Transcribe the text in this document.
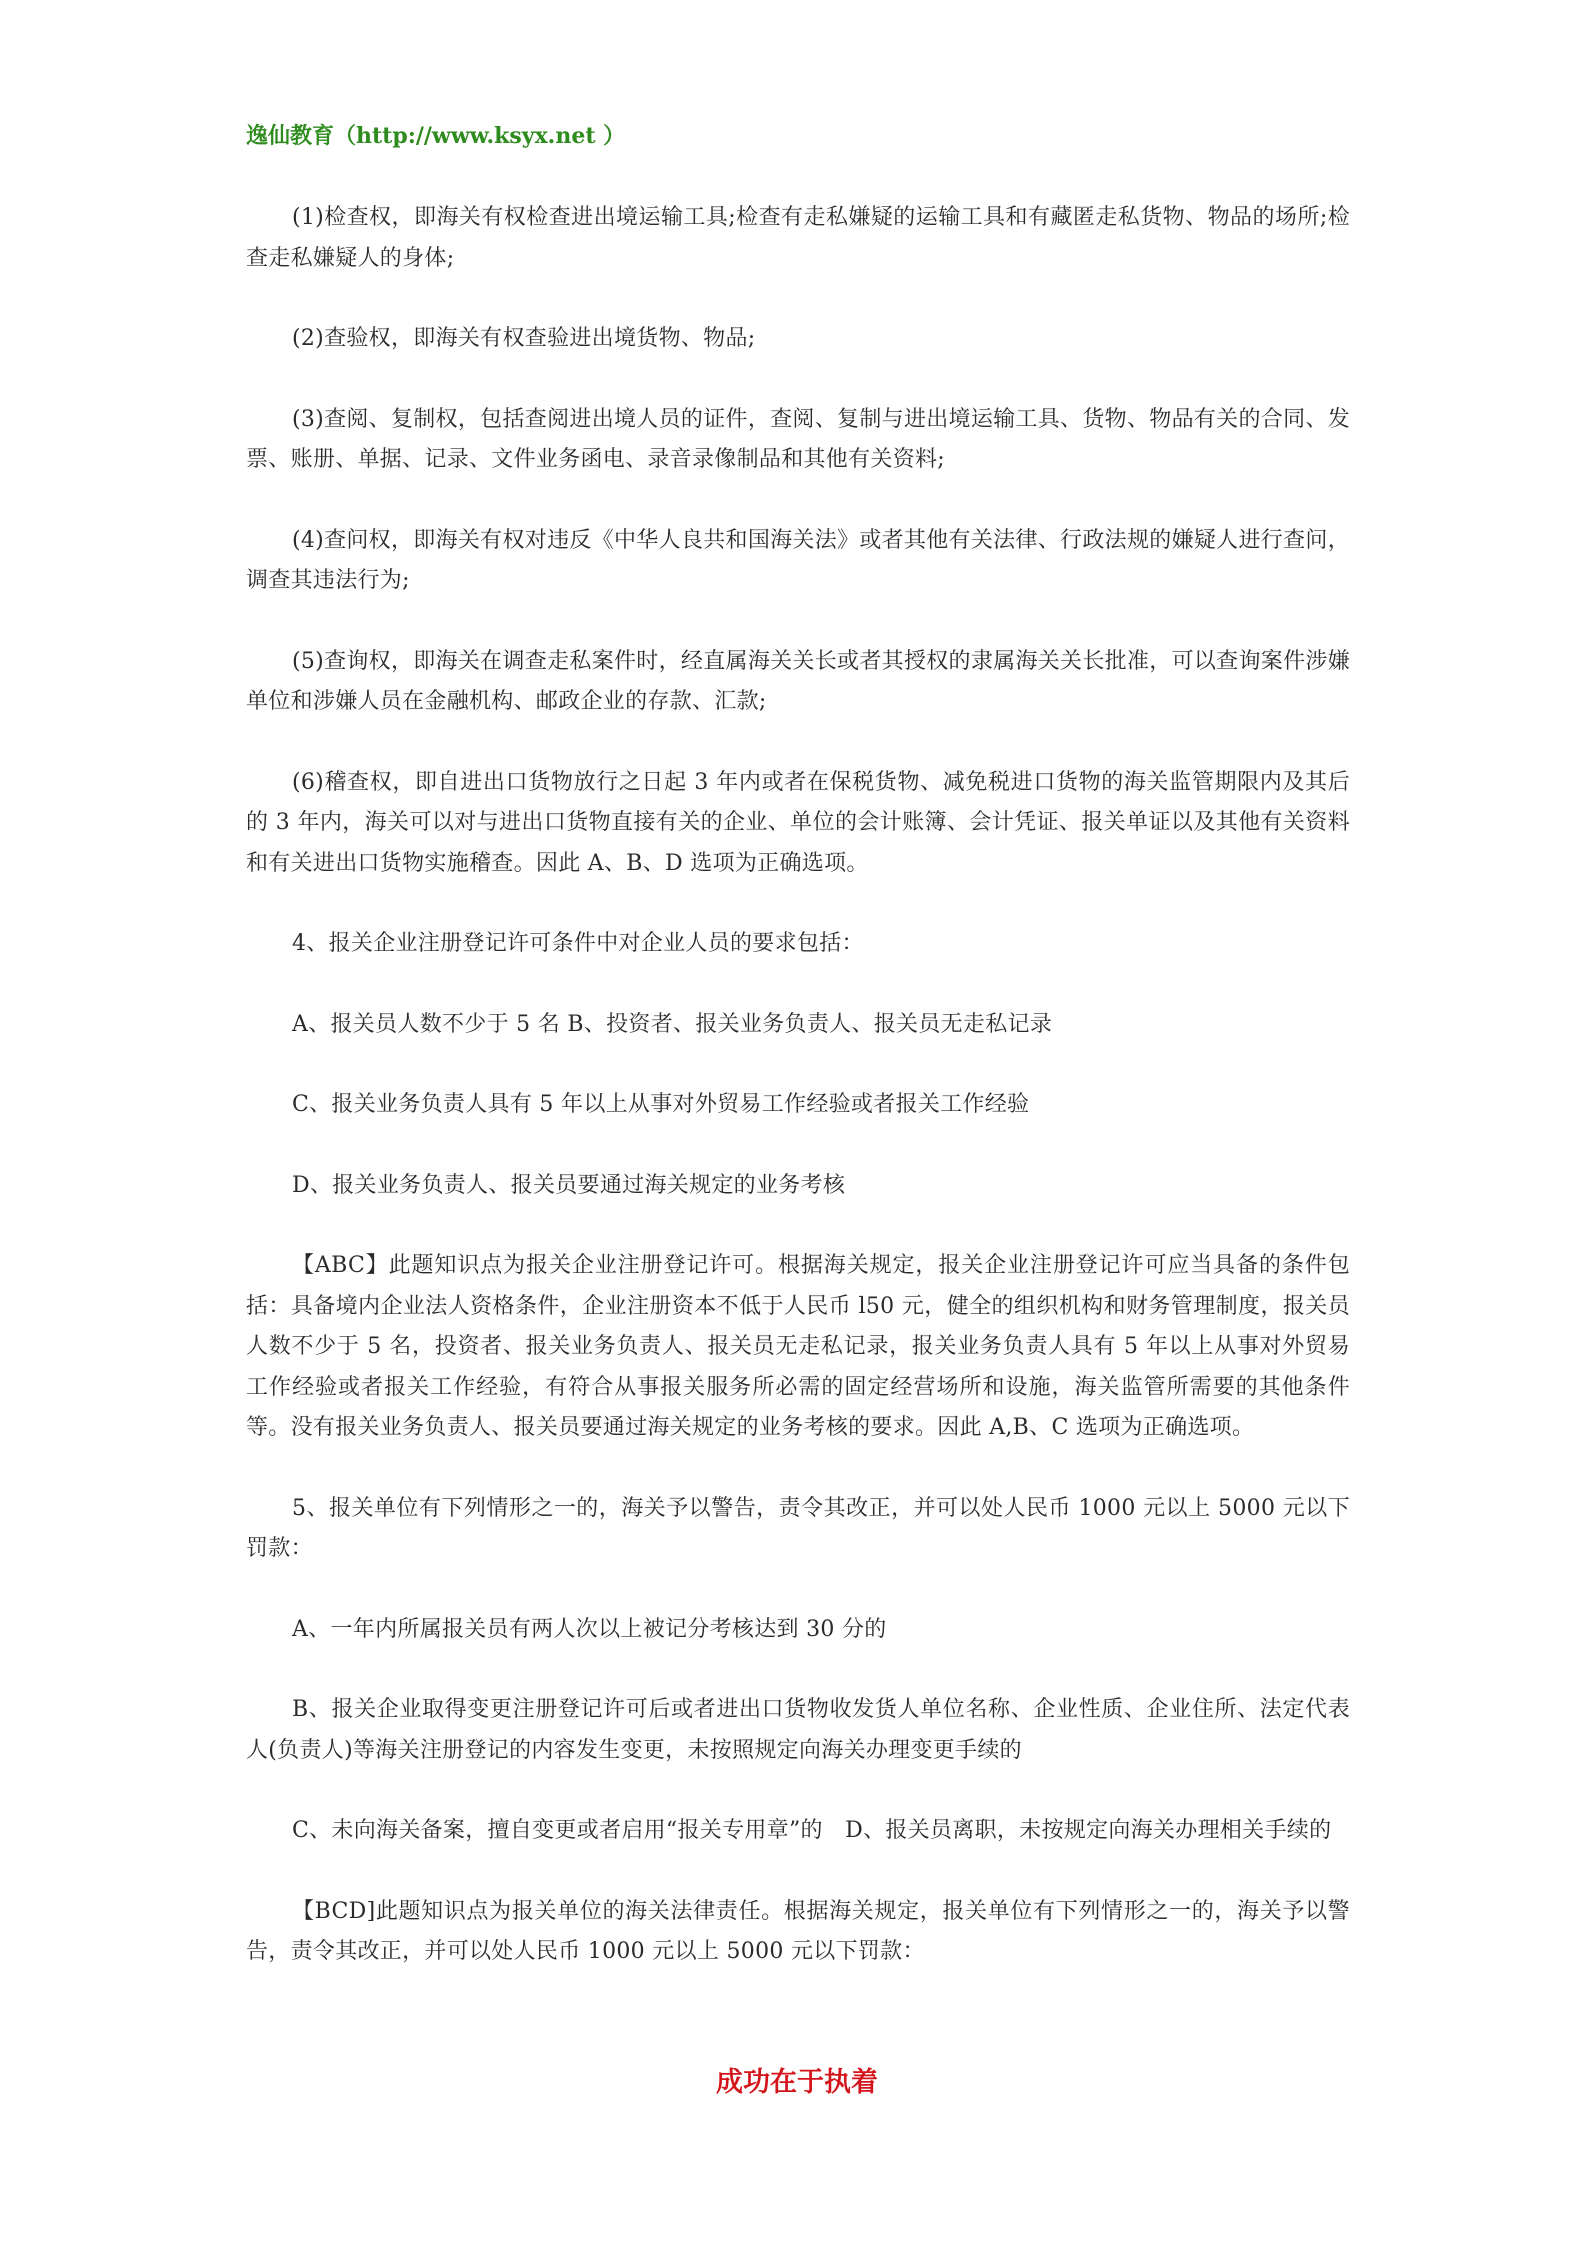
逸仙教育（http://www.ksyx.net ）

(1)检查权，即海关有权检查进出境运输工具;检查有走私嫌疑的运输工具和有藏匿走私货物、物品的场所;检查走私嫌疑人的身体;

(2)查验权，即海关有权查验进出境货物、物品;

(3)查阅、复制权，包括查阅进出境人员的证件，查阅、复制与进出境运输工具、货物、物品有关的合同、发票、账册、单据、记录、文件业务函电、录音录像制品和其他有关资料;

(4)查问权，即海关有权对违反《中华人良共和国海关法》或者其他有关法律、行政法规的嫌疑人进行查问，调查其违法行为;

(5)查询权，即海关在调查走私案件时，经直属海关关长或者其授权的隶属海关关长批准，可以查询案件涉嫌单位和涉嫌人员在金融机构、邮政企业的存款、汇款;

(6)稽查权，即自进出口货物放行之日起 3 年内或者在保税货物、减免税进口货物的海关监管期限内及其后的 3 年内，海关可以对与进出口货物直接有关的企业、单位的会计账簿、会计凭证、报关单证以及其他有关资料和有关进出口货物实施稽查。因此 A、B、D 选项为正确选项。

4、报关企业注册登记许可条件中对企业人员的要求包括：

A、报关员人数不少于 5 名 B、投资者、报关业务负责人、报关员无走私记录

C、报关业务负责人具有 5 年以上从事对外贸易工作经验或者报关工作经验

D、报关业务负责人、报关员要通过海关规定的业务考核

【ABC】此题知识点为报关企业注册登记许可。根据海关规定，报关企业注册登记许可应当具备的条件包括：具备境内企业法人资格条件，企业注册资本不低于人民币 l50 元，健全的组织机构和财务管理制度，报关员人数不少于 5 名，投资者、报关业务负责人、报关员无走私记录，报关业务负责人具有 5 年以上从事对外贸易工作经验或者报关工作经验，有符合从事报关服务所必需的固定经营场所和设施，海关监管所需要的其他条件等。没有报关业务负责人、报关员要通过海关规定的业务考核的要求。因此 A,B、C 选项为正确选项。

5、报关单位有下列情形之一的，海关予以警告，责令其改正，并可以处人民币 1000 元以上 5000 元以下罚款：

A、一年内所属报关员有两人次以上被记分考核达到 30 分的

B、报关企业取得变更注册登记许可后或者进出口货物收发货人单位名称、企业性质、企业住所、法定代表人(负责人)等海关注册登记的内容发生变更，未按照规定向海关办理变更手续的

C、未向海关备案，擅自变更或者启用“报关专用章”的　D、报关员离职，未按规定向海关办理相关手续的

【BCD]此题知识点为报关单位的海关法律责任。根据海关规定，报关单位有下列情形之一的，海关予以警告，责令其改正，并可以处人民币 1000 元以上 5000 元以下罚款：

成功在于执着
